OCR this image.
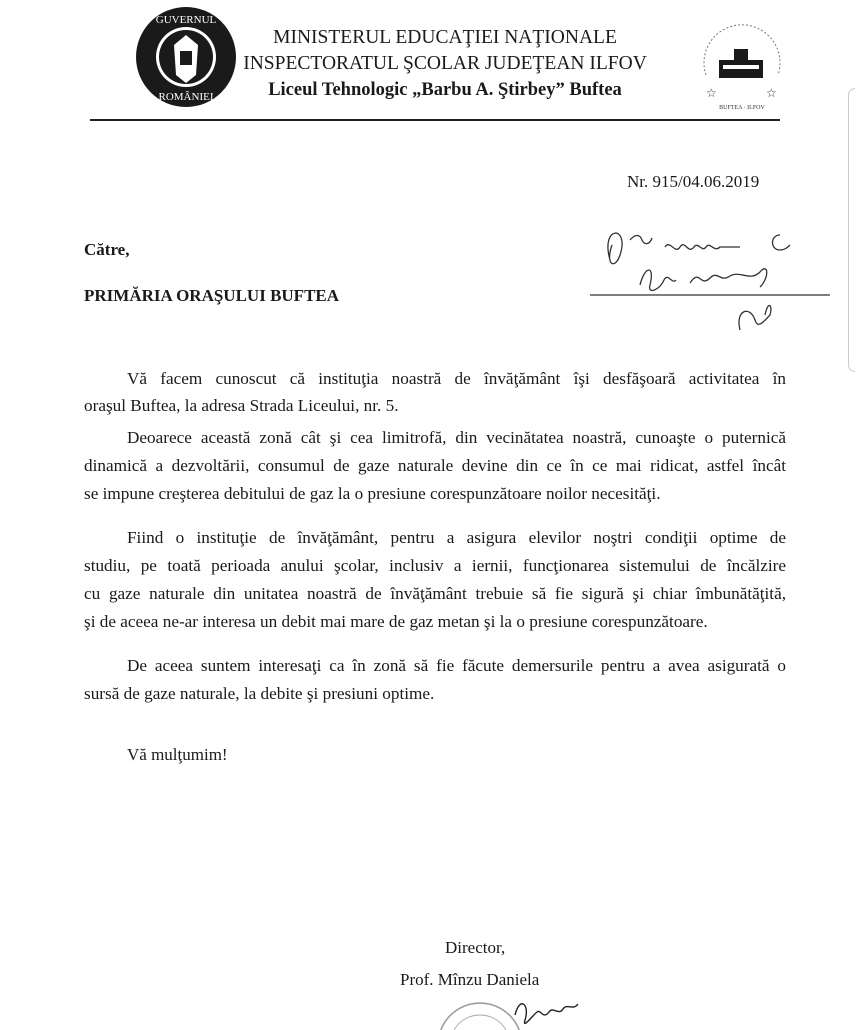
GUVERNUL
ROMÂNIEI
MINISTERUL EDUCAŢIEI NAŢIONALE
INSPECTORATUL ŞCOLAR JUDEŢEAN ILFOV
Liceul Tehnologic „Barbu A. Ştirbey” Buftea	☆	☆
BUFTEA · ILFOV
Nr. 915/04.06.2019
Către,
PRIMĂRIA ORAŞULUI BUFTEA
Vă facem cunoscut că instituţia noastră de învăţământ îşi desfăşoară activitatea în
oraşul Buftea, la adresa Strada Liceului, nr. 5.
Deoarece această zonă cât şi cea limitrofă, din vecinătatea noastră, cunoaşte o puternică
dinamică a dezvoltării, consumul de gaze naturale devine din ce în ce mai ridicat, astfel încât
se impune creşterea debitului de gaz la o presiune corespunzătoare noilor necesităţi.
Fiind o instituţie de învăţământ, pentru a asigura elevilor noştri condiţii optime de
studiu, pe toată perioada anului şcolar, inclusiv a iernii, funcţionarea sistemului de încălzire
cu gaze naturale din unitatea noastră de învăţământ trebuie să fie sigură şi chiar îmbunătăţită,
şi de aceea ne-ar interesa un debit mai mare de gaz metan şi la o presiune corespunzătoare.
De aceea suntem interesaţi ca în zonă să fie făcute demersurile pentru a avea asigurată o
sursă de gaze naturale, la debite şi presiuni optime.
Vă mulţumim!
Director,
Prof. Mînzu Daniela
